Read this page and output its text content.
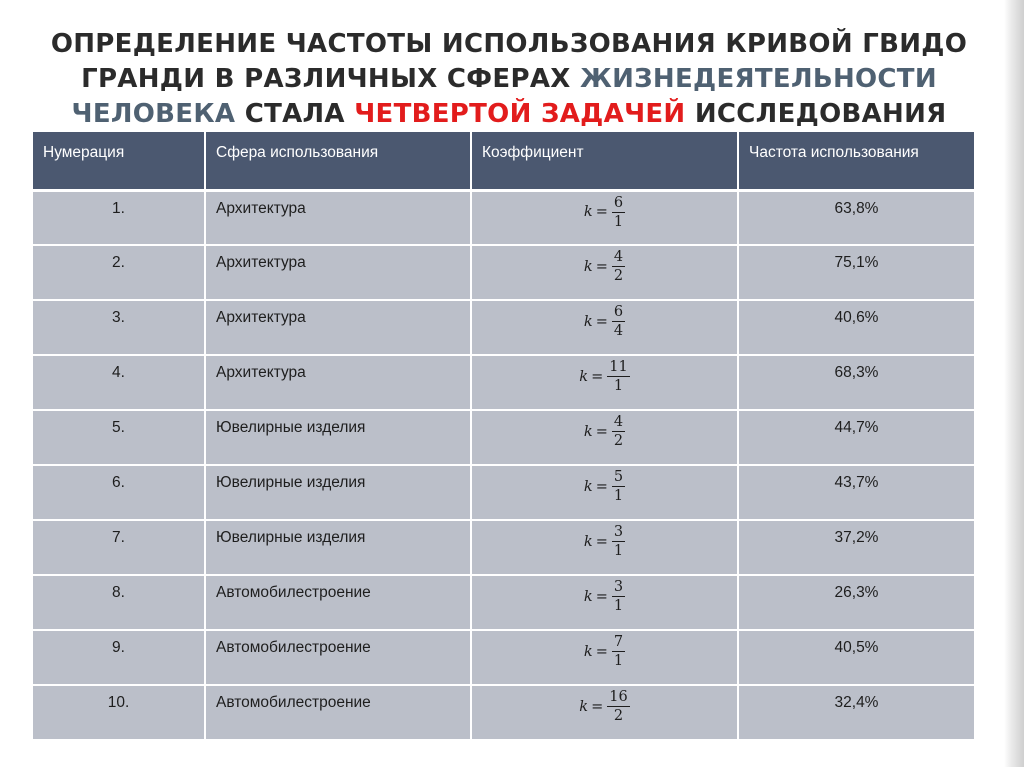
ОПРЕДЕЛЕНИЕ ЧАСТОТЫ ИСПОЛЬЗОВАНИЯ КРИВОЙ ГВИДО
ГРАНДИ В РАЗЛИЧНЫХ СФЕРАХ ЖИЗНЕДЕЯТЕЛЬНОСТИ
ЧЕЛОВЕКА СТАЛА ЧЕТВЕРТОЙ ЗАДАЧЕЙ ИССЛЕДОВАНИЯ
Нумерация	Сфера использования	Коэффициент	Частота использования
1.	Архитектура	$k = \frac{6}{1}$	63,8%
2.	Архитектура	$k = \frac{4}{2}$	75,1%
3.	Архитектура	$k = \frac{6}{4}$	40,6%
4.	Архитектура	$k = \frac{11}{1}$	68,3%
5.	Ювелирные изделия	$k = \frac{4}{2}$	44,7%
6.	Ювелирные изделия	$k = \frac{5}{1}$	43,7%
7.	Ювелирные изделия	$k = \frac{3}{1}$	37,2%
8.	Автомобилестроение	$k = \frac{3}{1}$	26,3%
9.	Автомобилестроение	$k = \frac{7}{1}$	40,5%
10.	Автомобилестроение	$k = \frac{16}{2}$	32,4%
